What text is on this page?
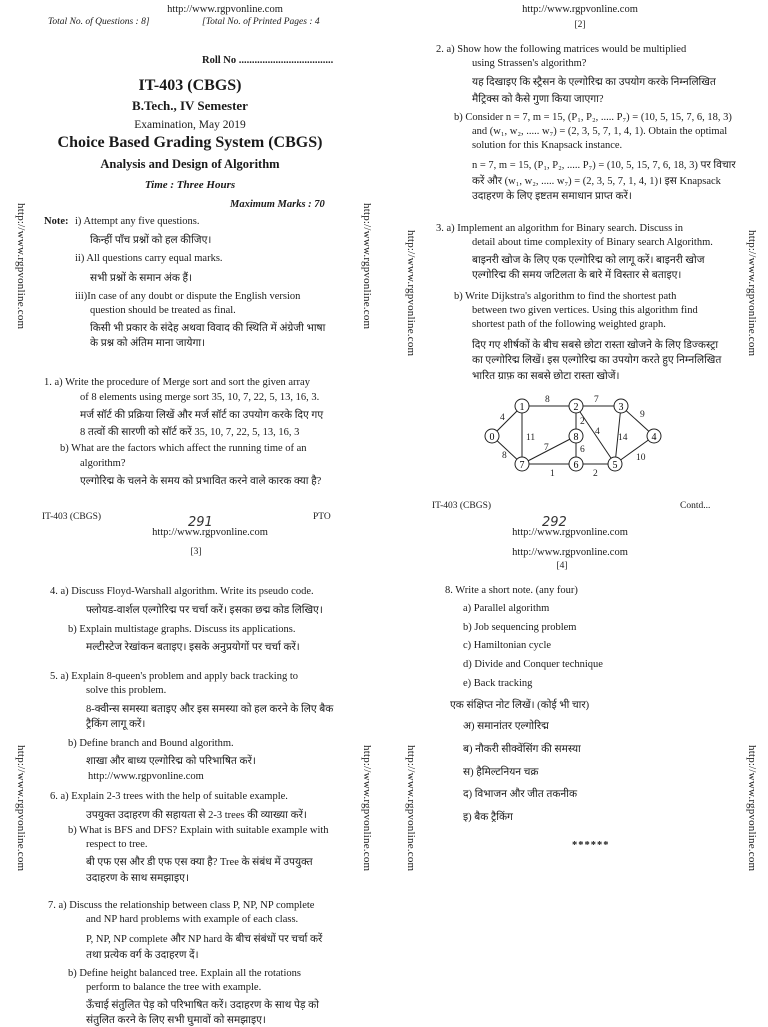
http://www.rgpvonline.com
Total No. of Questions : 8]	[Total No. of Printed Pages : 4
Roll No ....................................
IT-403 (CBGS)
B.Tech., IV Semester
Examination, May 2019
Choice Based Grading System (CBGS)
Analysis and Design of Algorithm
Time : Three Hours
Maximum Marks : 70
Note: i) Attempt any five questions.
किन्हीं पाँच प्रश्नों को हल कीजिए।
ii) All questions carry equal marks.
सभी प्रश्नों के समान अंक हैं।
iii)In case of any doubt or dispute the English version
question should be treated as final.
किसी भी प्रकार के संदेह अथवा विवाद की स्थिति में अंग्रेजी भाषा
के प्रश्न को अंतिम माना जायेगा।
1. a) Write the procedure of Merge sort and sort the given array
of 8 elements using merge sort 35, 10, 7, 22, 5, 13, 16, 3.
मर्ज सॉर्ट की प्रक्रिया लिखें और मर्ज सॉर्ट का उपयोग करके दिए गए
8 तत्वों की सारणी को सॉर्ट करें 35, 10, 7, 22, 5, 13, 16, 3
b) What are the factors which affect the running time of an
algorithm?
एल्गोरिद्म के चलने के समय को प्रभावित करने वाले कारक क्या है?
IT-403 (CBGS)	PTO
http://www.rgpvonline.com	http://www.rgpvonline.com	http://www.rgpvonline.com	http://www.rgpvonline.com
http://www.rgpvonline.com	http://www.rgpvonline.com	http://www.rgpvonline.com	http://www.rgpvonline.com
http://www.rgpvonline.com
[2]
2. a) Show how the following matrices would be multiplied
using Strassen's algorithm?
यह दिखाइए कि स्ट्रैसन के एल्गोरिद्म का उपयोग करके निम्नलिखित
मैट्रिक्स को कैसे गुणा किया जाएगा?
b) Consider n = 7, m = 15, (P₁, P₂, ..... P₇) = (10, 5, 15, 7, 6, 18, 3)
and (w₁, w₂, ..... w₇) = (2, 3, 5, 7, 1, 4, 1). Obtain the optimal
solution for this Knapsack instance.
n = 7, m = 15, (P₁, P₂, ..... P₇) = (10, 5, 15, 7, 6, 18, 3) पर विचार
करें और (w₁, w₂, ..... w₇) = (2, 3, 5, 7, 1, 4, 1)। इस Knapsack
उदाहरण के लिए इष्टतम समाधान प्राप्त करें।
3. a) Implement an algorithm for Binary search. Discuss in
detail about time complexity of Binary search Algorithm.
बाइनरी खोज के लिए एक एल्गोरिद्म को लागू करें। बाइनरी खोज
एल्गोरिद्म की समय जटिलता के बारे में विस्तार से बताइए।
b) Write Dijkstra's algorithm to find the shortest path
between two given vertices. Using this algorithm find
shortest path of the following weighted graph.
दिए गए शीर्षकों के बीच सबसे छोटा रास्ता खोजने के लिए डिज्कस्ट्रा
का एल्गोरिद्म लिखें। इस एल्गोरिद्म का उपयोग करते हुए निम्नलिखित
भारित ग्राफ़ का सबसे छोटा रास्ता खोजें।
0
1	2	3
4
5
6
7
8
4
8	7
9
11
2
4
14
7	6
8	10
1	2
IT-403 (CBGS)	Contd...
291
http://www.rgpvonline.com
[3]
4. a) Discuss Floyd-Warshall algorithm. Write its pseudo code.
फ्लोयड-वार्शल एल्गोरिद्म पर चर्चा करें। इसका छद्म कोड लिखिए।
b) Explain multistage graphs. Discuss its applications.
मल्टीस्टेज रेखांकन बताइए। इसके अनुप्रयोगों पर चर्चा करें।
5. a) Explain 8-queen's problem and apply back tracking to
solve this problem.
8-क्वीन्स समस्या बताइए और इस समस्या को हल करने के लिए बैक
ट्रैकिंग लागू करें।
b) Define branch and Bound algorithm.
शाखा और बाध्य एल्गोरिद्म को परिभाषित करें।
http://www.rgpvonline.com
6. a) Explain 2-3 trees with the help of suitable example.
उपयुक्त उदाहरण की सहायता से 2-3 trees की व्याख्या करें।
b) What is BFS and DFS? Explain with suitable example with
respect to tree.
बी एफ एस और डी एफ एस क्या है? Tree के संबंध में उपयुक्त
उदाहरण के साथ समझाइए।
7. a) Discuss the relationship between class P, NP, NP complete
and NP hard problems with example of each class.
P, NP, NP complete और NP hard के बीच संबंधों पर चर्चा करें
तथा प्रत्येक वर्ग के उदाहरण दें।
b) Define height balanced tree. Explain all the rotations
perform to balance the tree with example.
ऊँचाई संतुलित पेड़ को परिभाषित करें। उदाहरण के साथ पेड़ को
संतुलित करने के लिए सभी घुमावों को समझाइए।
292
http://www.rgpvonline.com
http://www.rgpvonline.com
[4]
8. Write a short note. (any four)
a) Parallel algorithm
b) Job sequencing problem
c) Hamiltonian cycle
d) Divide and Conquer technique
e) Back tracking
एक संक्षिप्त नोट लिखें। (कोई भी चार)
अ) समानांतर एल्गोरिद्म
ब) नौकरी सीक्वेंसिंग की समस्या
स) हैमिल्टनियन चक्र
द) विभाजन और जीत तकनीक
इ) बैक ट्रैकिंग
******
